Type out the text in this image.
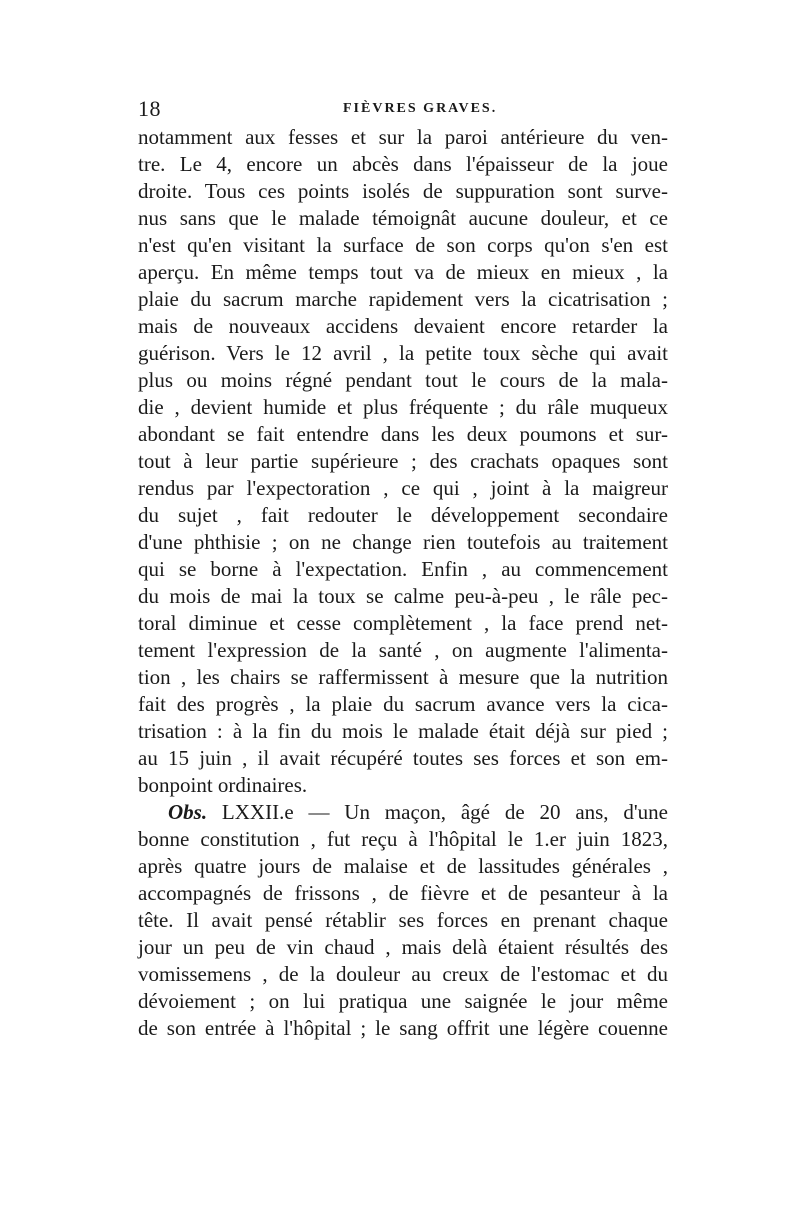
18	FIÈVRES GRAVES.
notamment aux fesses et sur la paroi antérieure du ven-
tre. Le 4, encore un abcès dans l'épaisseur de la joue
droite. Tous ces points isolés de suppuration sont surve-
nus sans que le malade témoignât aucune douleur, et ce
n'est qu'en visitant la surface de son corps qu'on s'en est
aperçu. En même temps tout va de mieux en mieux , la
plaie du sacrum marche rapidement vers la cicatrisation ;
mais de nouveaux accidens devaient encore retarder la
guérison. Vers le 12 avril , la petite toux sèche qui avait
plus ou moins régné pendant tout le cours de la mala-
die , devient humide et plus fréquente ; du râle muqueux
abondant se fait entendre dans les deux poumons et sur-
tout à leur partie supérieure ; des crachats opaques sont
rendus par l'expectoration , ce qui , joint à la maigreur
du sujet , fait redouter le développement secondaire
d'une phthisie ; on ne change rien toutefois au traitement
qui se borne à l'expectation. Enfin , au commencement
du mois de mai la toux se calme peu-à-peu , le râle pec-
toral diminue et cesse complètement , la face prend net-
tement l'expression de la santé , on augmente l'alimenta-
tion , les chairs se raffermissent à mesure que la nutrition
fait des progrès , la plaie du sacrum avance vers la cica-
trisation : à la fin du mois le malade était déjà sur pied ;
au 15 juin , il avait récupéré toutes ses forces et son em-
bonpoint ordinaires.
Obs. LXXII.e — Un maçon, âgé de 20 ans, d'une
bonne constitution , fut reçu à l'hôpital le 1.er juin 1823,
après quatre jours de malaise et de lassitudes générales ,
accompagnés de frissons , de fièvre et de pesanteur à la
tête. Il avait pensé rétablir ses forces en prenant chaque
jour un peu de vin chaud , mais delà étaient résultés des
vomissemens , de la douleur au creux de l'estomac et du
dévoiement ; on lui pratiqua une saignée le jour même
de son entrée à l'hôpital ; le sang offrit une légère couenne
